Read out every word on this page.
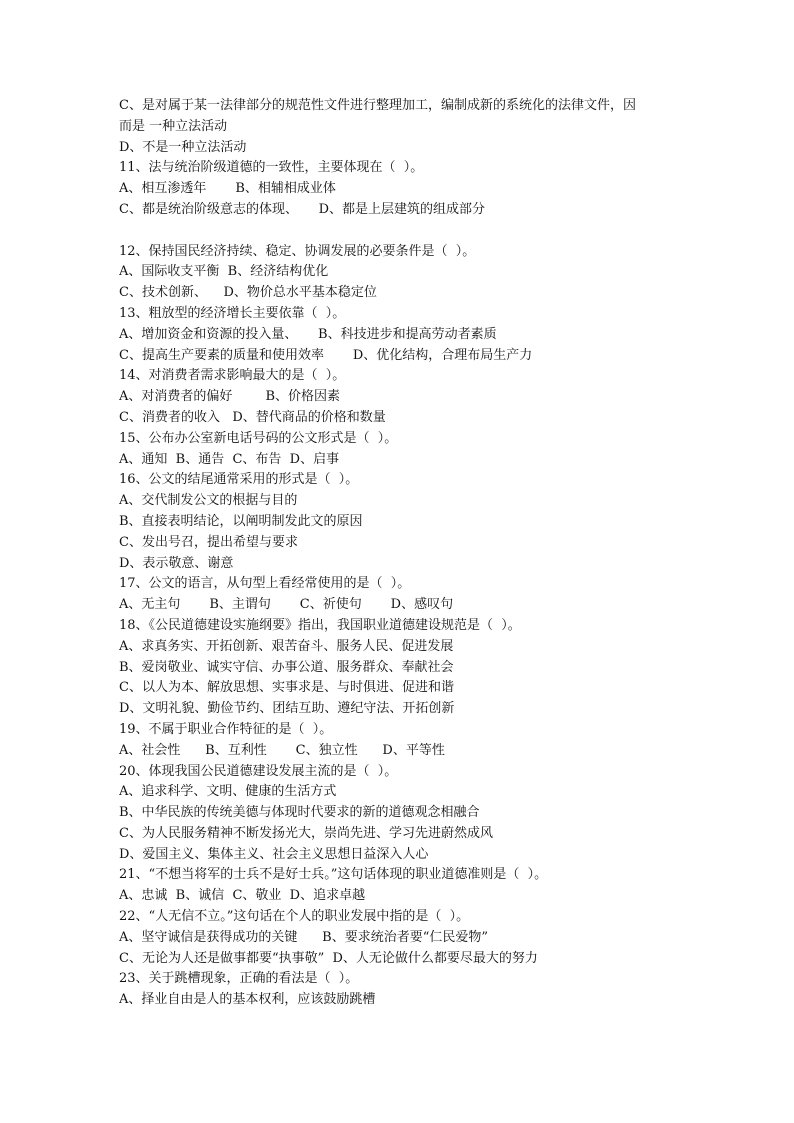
C、是对属于某一法律部分的规范性文件进行整理加工，编制成新的系统化的法律文件，因
而是 一种立法活动
D、不是一种立法活动
11、法与统治阶级道德的一致性，主要体现在（  ）。
A、相互渗透年       B、相辅相成业体
C、都是统治阶级意志的体现、     D、都是上层建筑的组成部分
12、保持国民经济持续、稳定、协调发展的必要条件是（  ）。
A、国际收支平衡  B、经济结构优化
C、技术创新、    D、物价总水平基本稳定位
13、粗放型的经济增长主要依靠（  ）。
A、增加资金和资源的投入量、     B、科技进步和提高劳动者素质
C、提高生产要素的质量和使用效率       D、优化结构，合理布局生产力
14、对消费者需求影响最大的是（  ）。
A、对消费者的偏好        B、价格因素
C、消费者的收入   D、替代商品的价格和数量
15、公布办公室新电话号码的公文形式是（  ）。
A、通知  B、通告  C、布告  D、启事
16、公文的结尾通常采用的形式是（  ）。
A、交代制发公文的根据与目的
B、直接表明结论，以阐明制发此文的原因
C、发出号召，提出希望与要求
D、表示敬意、谢意
17、公文的语言，从句型上看经常使用的是（  ）。
A、无主句       B、主谓句       C、祈使句       D、感叹句
18、《公民道德建设实施纲要》指出，我国职业道德建设规范是（  ）。
A、求真务实、开拓创新、艰苦奋斗、服务人民、促进发展
B、爱岗敬业、诚实守信、办事公道、服务群众、奉献社会
C、以人为本、解放思想、实事求是、与时俱进、促进和谐
D、文明礼貌、勤俭节约、团结互助、遵纪守法、开拓创新
19、不属于职业合作特征的是（  ）。
A、社会性      B、互利性       C、独立性      D、平等性
20、体现我国公民道德建设发展主流的是（  ）。
A、追求科学、文明、健康的生活方式
B、中华民族的传统美德与体现时代要求的新的道德观念相融合
C、为人民服务精神不断发扬光大，崇尚先进、学习先进蔚然成风
D、爱国主义、集体主义、社会主义思想日益深入人心
21、“不想当将军的士兵不是好士兵。”这句话体现的职业道德准则是（  ）。
A、忠诚  B、诚信  C、敬业  D、追求卓越
22、“人无信不立。”这句话在个人的职业发展中指的是（  ）。
A、坚守诚信是获得成功的关键      B、要求统治者要“仁民爱物”
C、无论为人还是做事都要“执事敬”  D、人无论做什么都要尽最大的努力
23、关于跳槽现象，正确的看法是（  ）。
A、择业自由是人的基本权利，应该鼓励跳槽
